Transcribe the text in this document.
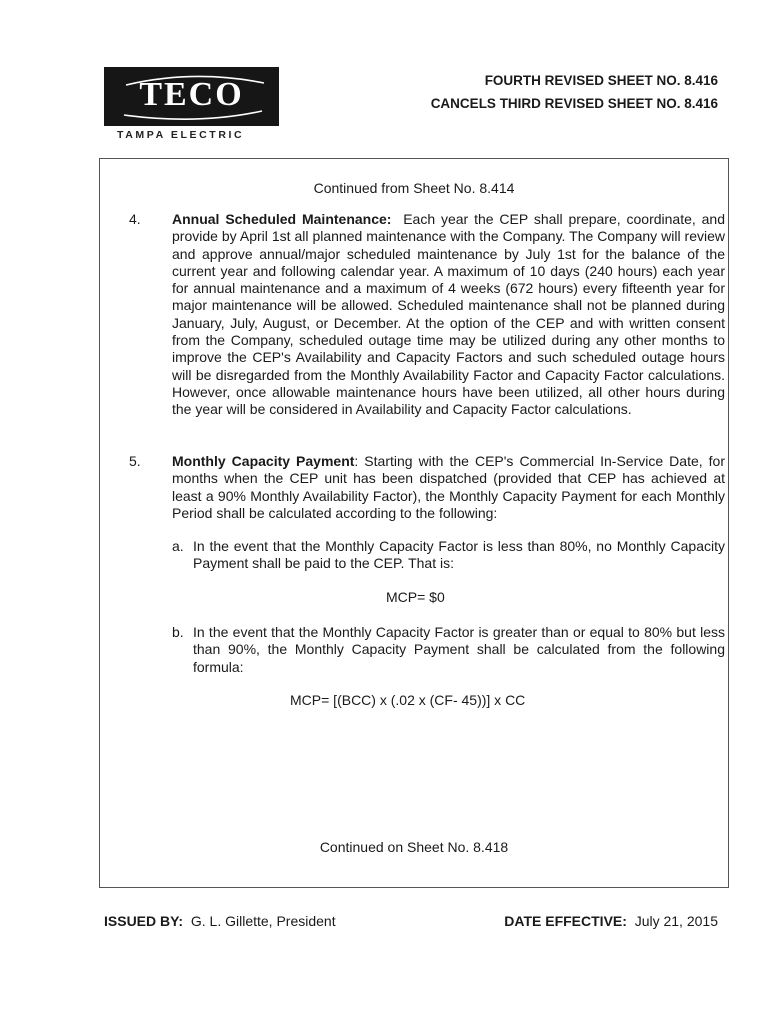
TECO
TAMPA ELECTRIC
FOURTH REVISED SHEET NO. 8.416
CANCELS THIRD REVISED SHEET NO. 8.416
Continued from Sheet No. 8.414
Continued on Sheet No. 8.418
4. Annual Scheduled Maintenance: Each year the CEP shall prepare, coordinate, and provide by April 1st all planned maintenance with the Company. The Company will review and approve annual/major scheduled maintenance by July 1st for the balance of the current year and following calendar year. A maximum of 10 days (240 hours) each year for annual maintenance and a maximum of 4 weeks (672 hours) every fifteenth year for major maintenance will be allowed. Scheduled maintenance shall not be planned during January, July, August, or December. At the option of the CEP and with written consent from the Company, scheduled outage time may be utilized during any other months to improve the CEP's Availability and Capacity Factors and such scheduled outage hours will be disregarded from the Monthly Availability Factor and Capacity Factor calculations. However, once allowable maintenance hours have been utilized, all other hours during the year will be considered in Availability and Capacity Factor calculations.
5. Monthly Capacity Payment: Starting with the CEP's Commercial In-Service Date, for months when the CEP unit has been dispatched (provided that CEP has achieved at least a 90% Monthly Availability Factor), the Monthly Capacity Payment for each Monthly Period shall be calculated according to the following:
a. In the event that the Monthly Capacity Factor is less than 80%, no Monthly Capacity Payment shall be paid to the CEP. That is:
MCP= $0
b. In the event that the Monthly Capacity Factor is greater than or equal to 80% but less than 90%, the Monthly Capacity Payment shall be calculated from the following formula:
MCP= [(BCC) x (.02 x (CF- 45))] x CC
ISSUED BY: G. L. Gillette, President	DATE EFFECTIVE: July 21, 2015
